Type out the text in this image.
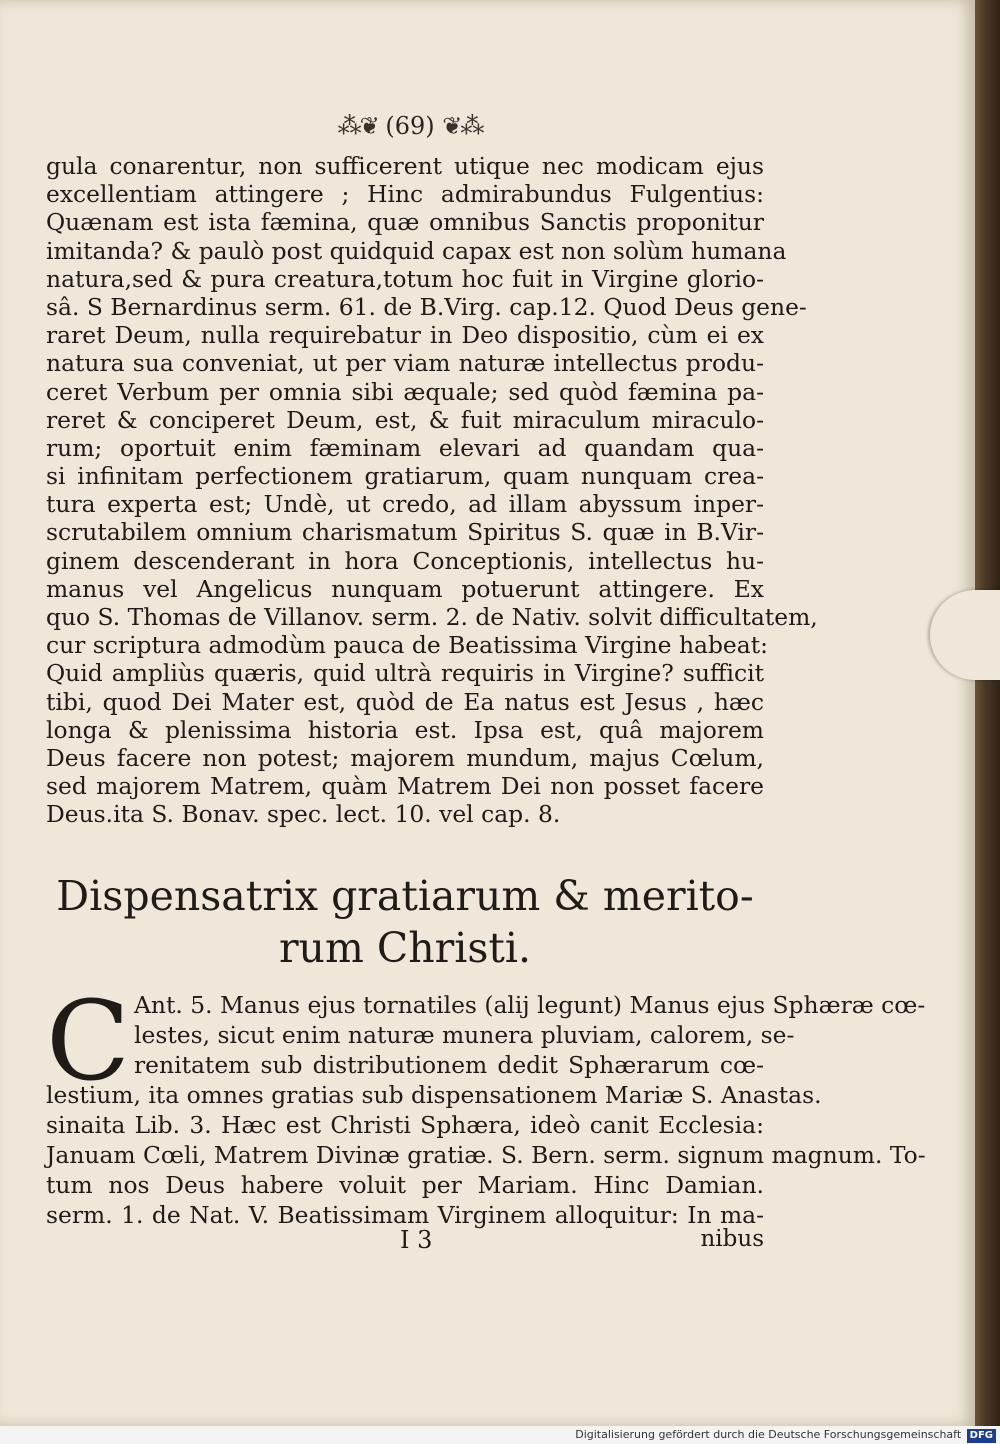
⁂❦ (69) ❦⁂
gula conarentur, non sufficerent utique nec modicam ejus
excellentiam attingere ; Hinc admirabundus Fulgentius:
Quænam est ista fæmina, quæ omnibus Sanctis proponitur
imitanda? & paulò post quidquid capax est non solùm humana
natura,sed & pura creatura,totum hoc fuit in Virgine glorio-
sâ. S Bernardinus serm. 61. de B.Virg. cap.12. Quod Deus gene-
raret Deum, nulla requirebatur in Deo dispositio, cùm ei ex
natura sua conveniat, ut per viam naturæ intellectus produ-
ceret Verbum per omnia sibi æquale; sed quòd fæmina pa-
reret & conciperet Deum, est, & fuit miraculum miraculo-
rum; oportuit enim fæminam elevari ad quandam qua-
si infinitam perfectionem gratiarum, quam nunquam crea-
tura experta est; Undè, ut credo, ad illam abyssum inper-
scrutabilem omnium charismatum Spiritus S. quæ in B.Vir-
ginem descenderant in hora Conceptionis, intellectus hu-
manus vel Angelicus nunquam potuerunt attingere. Ex
quo S. Thomas de Villanov. serm. 2. de Nativ. solvit difficultatem,
cur scriptura admodùm pauca de Beatissima Virgine habeat:
Quid ampliùs quæris, quid ultrà requiris in Virgine? sufficit
tibi, quod Dei Mater est, quòd de Ea natus est Jesus , hæc
longa & plenissima historia est. Ipsa est, quâ majorem
Deus facere non potest; majorem mundum, majus Cœlum,
sed majorem Matrem, quàm Matrem Dei non posset facere
Deus.ita S. Bonav. spec. lect. 10. vel cap. 8.
Dispensatrix gratiarum & merito-
rum Christi.
C Ant. 5. Manus ejus tornatiles (alij legunt) Manus ejus Sphæræ cœ-
lestes, sicut enim naturæ munera pluviam, calorem, se-
renitatem sub distributionem dedit Sphærarum cœ-
lestium, ita omnes gratias sub dispensationem Mariæ S. Anastas.
sinaita Lib. 3. Hæc est Christi Sphæra, ideò canit Ecclesia:
Januam Cœli, Matrem Divinæ gratiæ. S. Bern. serm. signum magnum. To-
tum nos Deus habere voluit per Mariam. Hinc Damian.
serm. 1. de Nat. V. Beatissimam Virginem alloquitur: In ma-
I 3	nibus
Digitalisierung gefördert durch die Deutsche Forschungsgemeinschaft DFG
